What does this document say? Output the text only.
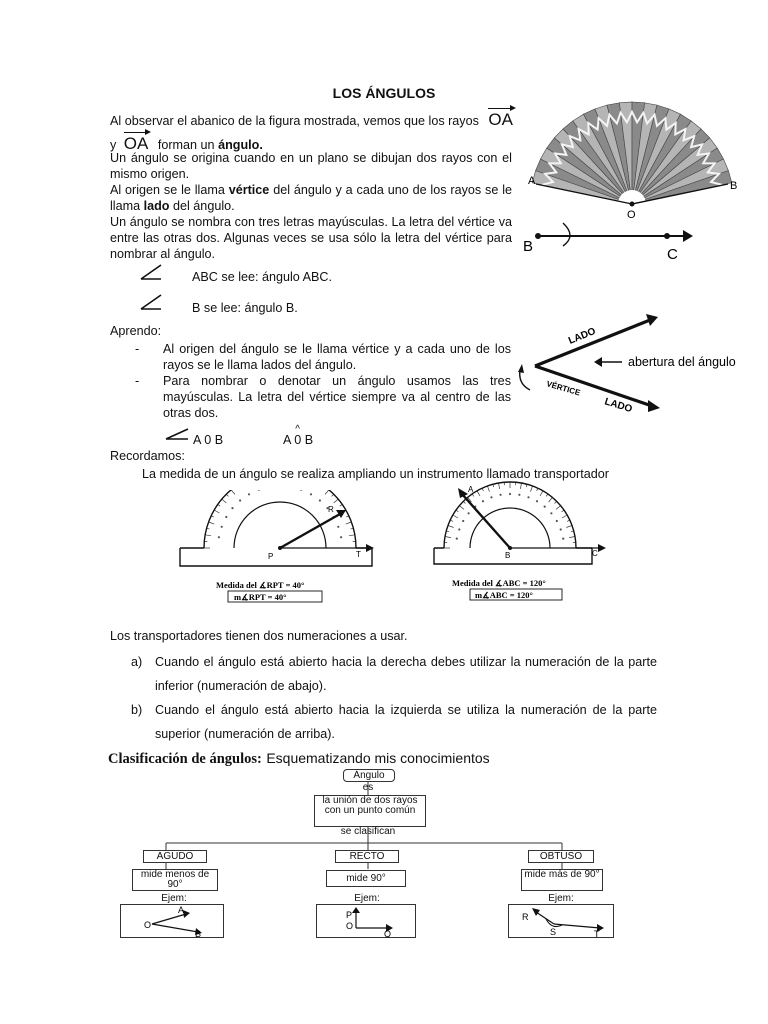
LOS ÁNGULOS
Al observar el abanico de la figura mostrada, vemos que los rayos OA
y OA forman un ángulo.
Un ángulo se origina cuando en un plano se dibujan dos rayos con el mismo origen.
Al origen se le llama vértice del ángulo y a cada uno de los rayos se le llama lado del ángulo.
Un ángulo se nombra con tres letras mayúsculas. La letra del vértice va entre las otras dos. Algunas veces se usa sólo la letra del vértice para nombrar al ángulo.
ABC se lee: ángulo ABC.
B se lee: ángulo B.
Aprendo:
- Al origen del ángulo se le llama vértice y a cada uno de los rayos se le llama lados del ángulo.
- Para nombrar o denotar un ángulo usamos las tres mayúsculas. La letra del vértice siempre va al centro de las otras dos.
A 0 B	A
^
0 B
Recordamos:
La medida de un ángulo se realiza ampliando un instrumento llamado transportador
A	B
O
B	C
LADO
VÉRTICE
LADO
abertura del ángulo
P
R
T
Medida del ∡RPT = 40°
m∡RPT = 40°
A
B	C
Medida del ∡ABC = 120°
m∡ABC = 120°
Los transportadores tienen dos numeraciones a usar.
a) Cuando el ángulo está abierto hacia la derecha debes utilizar la numeración de la parte
inferior (numeración de abajo).
b) Cuando el ángulo está abierto hacia la izquierda se utiliza la numeración de la parte
superior (numeración de arriba).
Clasificación de ángulos: Esquematizando mis conocimientos
Ángulo
es
la unión de dos rayos con un punto común
se clasifican
AGUDO
mide menos de 90°
Ejem:
O
A
B
RECTO
mide 90°
Ejem:
P
O
Q
OBTUSO
mide más de 90°
Ejem:
R
S	T
